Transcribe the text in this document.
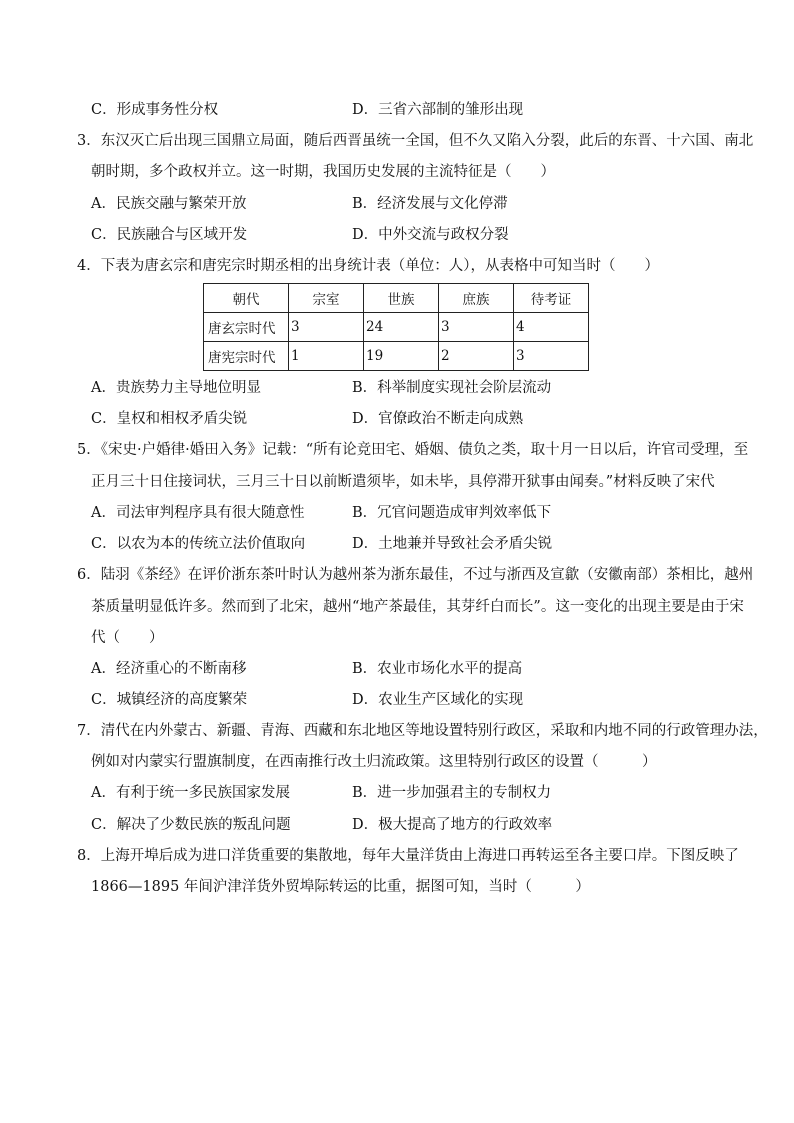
C．形成事务性分权	D．三省六部制的雏形出现
3．东汉灭亡后出现三国鼎立局面，随后西晋虽统一全国，但不久又陷入分裂，此后的东晋、十六国、南北
朝时期，多个政权并立。这一时期，我国历史发展的主流特征是（　　）
A．民族交融与繁荣开放	B．经济发展与文化停滞
C．民族融合与区域开发	D．中外交流与政权分裂
4．下表为唐玄宗和唐宪宗时期丞相的出身统计表（单位：人），从表格中可知当时（　　）
朝代	宗室	世族	庶族	待考证
唐玄宗时代	3	24	3	4
唐宪宗时代	1	19	2	3
A．贵族势力主导地位明显	B．科举制度实现社会阶层流动
C．皇权和相权矛盾尖锐	D．官僚政治不断走向成熟
5．《宋史·户婚律·婚田入务》记载：“所有论竞田宅、婚姻、债负之类，取十月一日以后，许官司受理，至
正月三十日住接词状，三月三十日以前断遣须毕，如未毕，具停滞开狱事由闻奏。”材料反映了宋代
A．司法审判程序具有很大随意性	B．冗官问题造成审判效率低下
C．以农为本的传统立法价值取向	D．土地兼并导致社会矛盾尖锐
6．陆羽《茶经》在评价浙东茶叶时认为越州茶为浙东最佳，不过与浙西及宣歙（安徽南部）茶相比，越州
茶质量明显低许多。然而到了北宋，越州“地产茶最佳，其芽纤白而长”。这一变化的出现主要是由于宋
代（　　）
A．经济重心的不断南移	B．农业市场化水平的提高
C．城镇经济的高度繁荣	D．农业生产区域化的实现
7．清代在内外蒙古、新疆、青海、西藏和东北地区等地设置特别行政区，采取和内地不同的行政管理办法，
例如对内蒙实行盟旗制度，在西南推行改土归流政策。这里特别行政区的设置（　　　）
A．有利于统一多民族国家发展	B．进一步加强君主的专制权力
C．解决了少数民族的叛乱问题	D．极大提高了地方的行政效率
8．上海开埠后成为进口洋货重要的集散地，每年大量洋货由上海进口再转运至各主要口岸。下图反映了
1866—1895 年间沪津洋货外贸埠际转运的比重，据图可知，当时（　　　）
